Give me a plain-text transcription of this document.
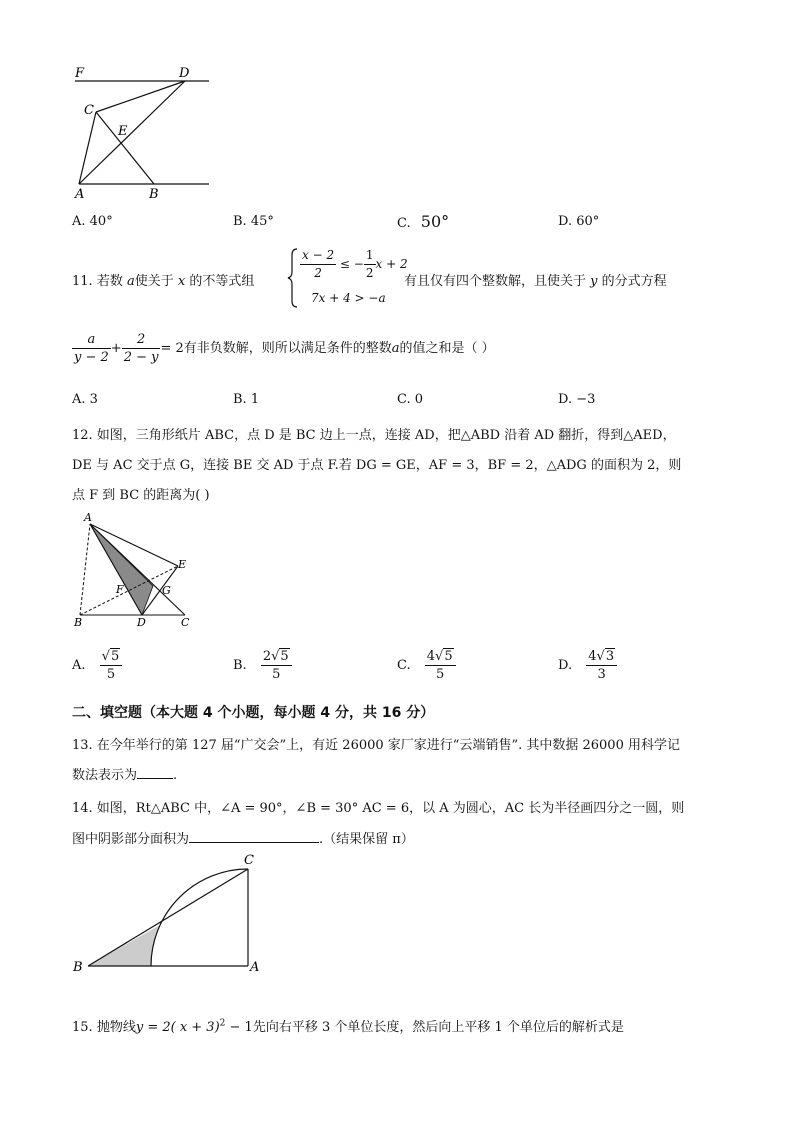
F	D
C
E
A	B
A. 40°	B. 45°	C. 50°	D. 60°
11. 若数 a使关于 x 的不等式组	$\frac{x - 2}{2}$ ≤ − $\frac{1}{2}$ x + 2
7x + 4 > −a
有且仅有四个整数解，且使关于 y 的分式方程
$\frac{a}{y - 2} + \frac{2}{2 - y} = 2$有非负数解，则所以满足条件的整数a的值之和是（ ）
A. 3	B. 1	C. 0	D. −3
12. 如图，三角形纸片 ABC，点 D 是 BC 边上一点，连接 AD，把△ABD 沿着 AD 翻折，得到△AED，
DE 与 AC 交于点 G，连接 BE 交 AD 于点 F.若 DG = GE，AF = 3，BF = 2，△ADG 的面积为 2，则
点 F 到 BC 的距离为( )
A
E
F	G
B	D	C
A. $\frac{√5}{5}$	B. $\frac{2√5}{5}$	C. $\frac{4√5}{5}$	D. $\frac{4√3}{3}$
二、填空题（本大题 4 个小题，每小题 4 分，共 16 分）
13. 在今年举行的第 127 届“广交会”上，有近 26000 家厂家进行“云端销售”. 其中数据 26000 用科学记
数法表示为	.
14. 如图，Rt△ABC 中，∠A = 90°，∠B = 30° AC = 6，以 A 为圆心，AC 长为半径画四分之一圆，则
图中阴影部分面积为	.（结果保留 π）
C
B	A
15. 抛物线y = 2( x + 3)$^2$ − 1先向右平移 3 个单位长度，然后向上平移 1 个单位后的解析式是
